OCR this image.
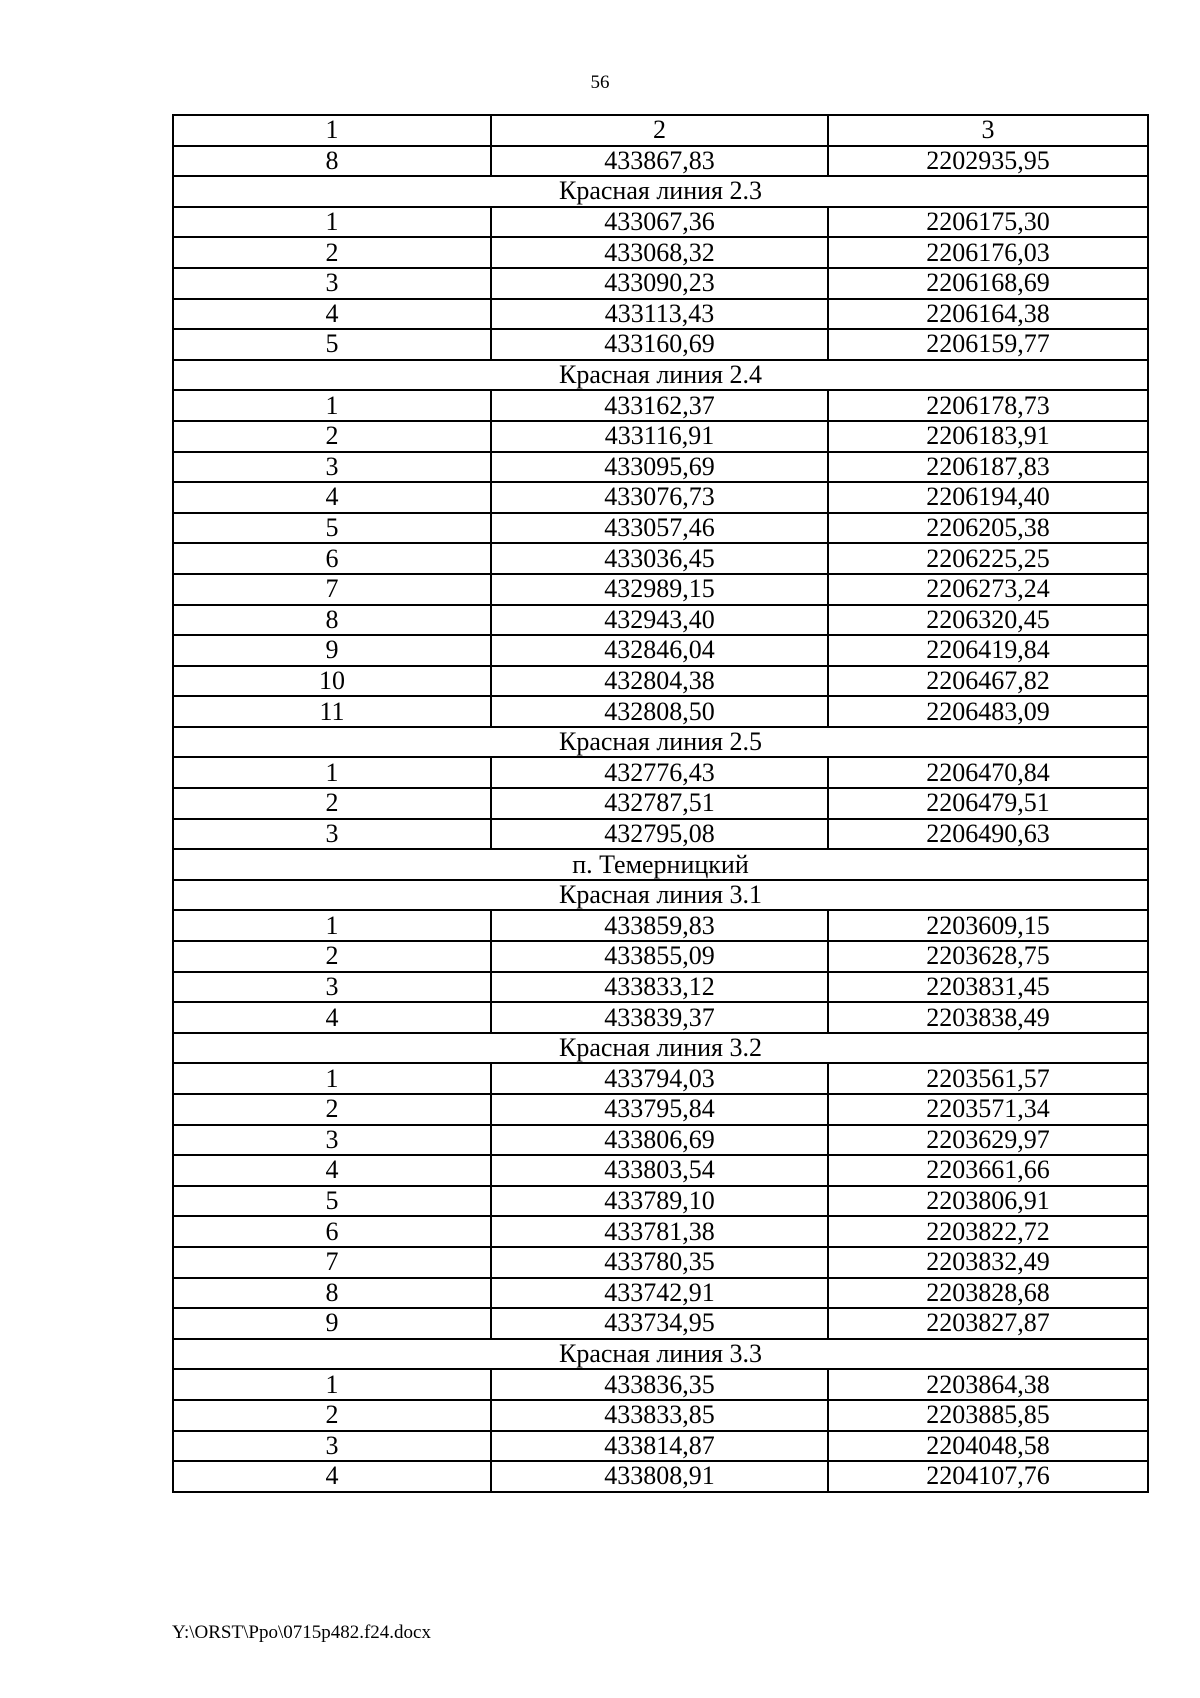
56
1	2	3
8	433867,83	2202935,95
Красная линия 2.3		
1	433067,36	2206175,30
2	433068,32	2206176,03
3	433090,23	2206168,69
4	433113,43	2206164,38
5	433160,69	2206159,77
Красная линия 2.4		
1	433162,37	2206178,73
2	433116,91	2206183,91
3	433095,69	2206187,83
4	433076,73	2206194,40
5	433057,46	2206205,38
6	433036,45	2206225,25
7	432989,15	2206273,24
8	432943,40	2206320,45
9	432846,04	2206419,84
10	432804,38	2206467,82
11	432808,50	2206483,09
Красная линия 2.5		
1	432776,43	2206470,84
2	432787,51	2206479,51
3	432795,08	2206490,63
п. Темерницкий		
Красная линия 3.1		
1	433859,83	2203609,15
2	433855,09	2203628,75
3	433833,12	2203831,45
4	433839,37	2203838,49
Красная линия 3.2		
1	433794,03	2203561,57
2	433795,84	2203571,34
3	433806,69	2203629,97
4	433803,54	2203661,66
5	433789,10	2203806,91
6	433781,38	2203822,72
7	433780,35	2203832,49
8	433742,91	2203828,68
9	433734,95	2203827,87
Красная линия 3.3		
1	433836,35	2203864,38
2	433833,85	2203885,85
3	433814,87	2204048,58
4	433808,91	2204107,76
Y:\ORST\Ppo\0715p482.f24.docx
